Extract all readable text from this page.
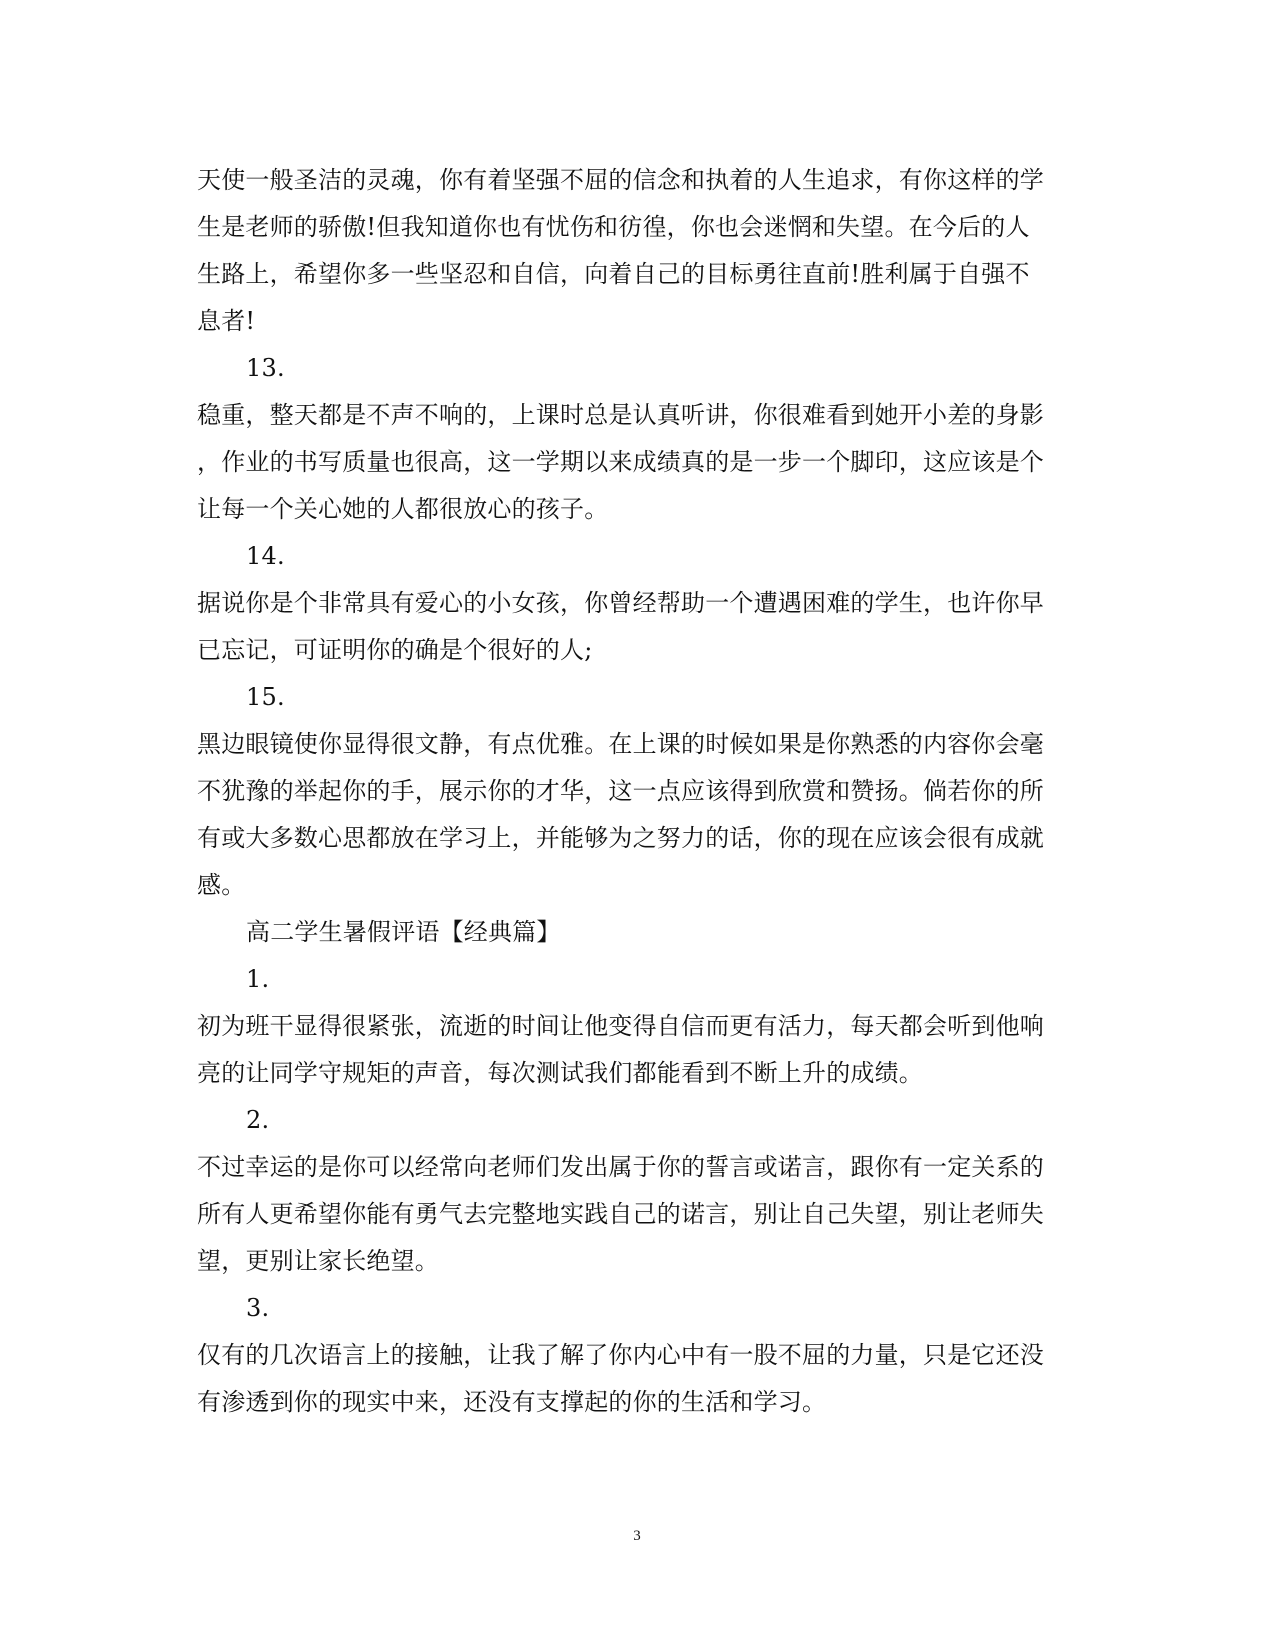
天使一般圣洁的灵魂，你有着坚强不屈的信念和执着的人生追求，有你这样的学
生是老师的骄傲!但我知道你也有忧伤和彷徨，你也会迷惘和失望。在今后的人
生路上，希望你多一些坚忍和自信，向着自己的目标勇往直前!胜利属于自强不
息者!
13.
稳重，整天都是不声不响的，上课时总是认真听讲，你很难看到她开小差的身影
，作业的书写质量也很高，这一学期以来成绩真的是一步一个脚印，这应该是个
让每一个关心她的人都很放心的孩子。
14.
据说你是个非常具有爱心的小女孩，你曾经帮助一个遭遇困难的学生，也许你早
已忘记，可证明你的确是个很好的人;
15.
黑边眼镜使你显得很文静，有点优雅。在上课的时候如果是你熟悉的内容你会毫
不犹豫的举起你的手，展示你的才华，这一点应该得到欣赏和赞扬。倘若你的所
有或大多数心思都放在学习上，并能够为之努力的话，你的现在应该会很有成就
感。
高二学生暑假评语【经典篇】
1.
初为班干显得很紧张，流逝的时间让他变得自信而更有活力，每天都会听到他响
亮的让同学守规矩的声音，每次测试我们都能看到不断上升的成绩。
2.
不过幸运的是你可以经常向老师们发出属于你的誓言或诺言，跟你有一定关系的
所有人更希望你能有勇气去完整地实践自己的诺言，别让自己失望，别让老师失
望，更别让家长绝望。
3.
仅有的几次语言上的接触，让我了解了你内心中有一股不屈的力量，只是它还没
有渗透到你的现实中来，还没有支撑起的你的生活和学习。
3
